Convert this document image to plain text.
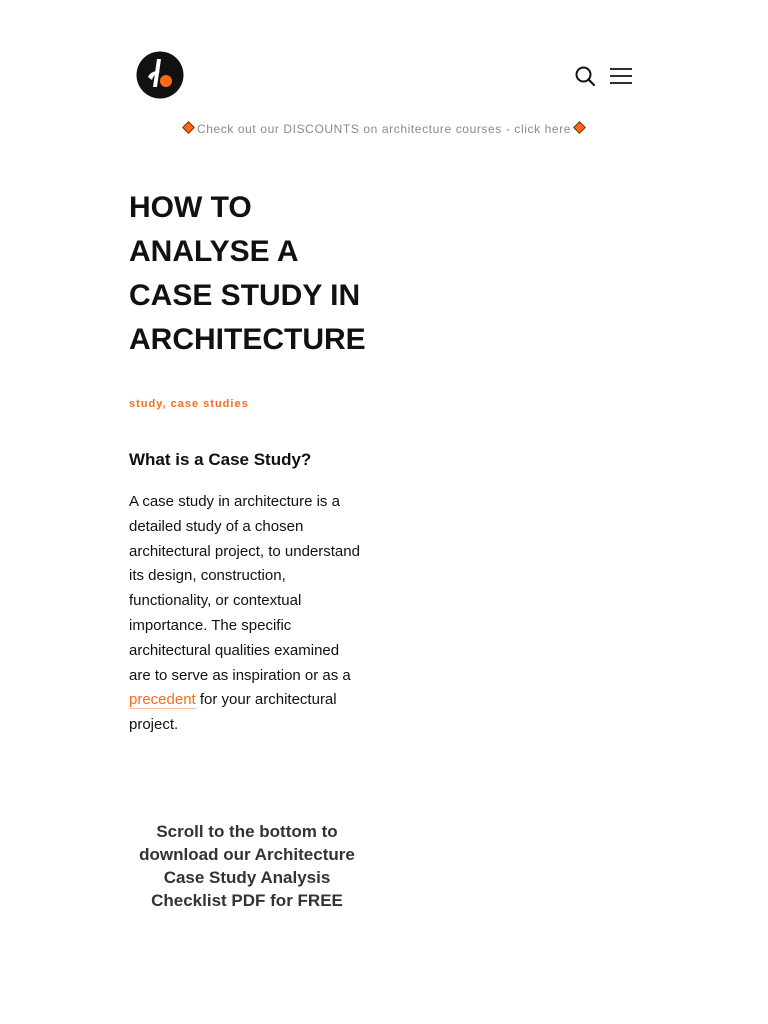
Check out our DISCOUNTS on architecture courses - click here
HOW TO ANALYSE A CASE STUDY IN ARCHITECTURE
study, case studies
What is a Case Study?

A case study in architecture is a detailed study of a chosen architectural project, to understand its design, construction, functionality, or contextual importance. The specific architectural qualities examined are to serve as inspiration or as a precedent for your architectural project.

Scroll to the bottom to download our Architecture Case Study Analysis Checklist PDF for FREE
